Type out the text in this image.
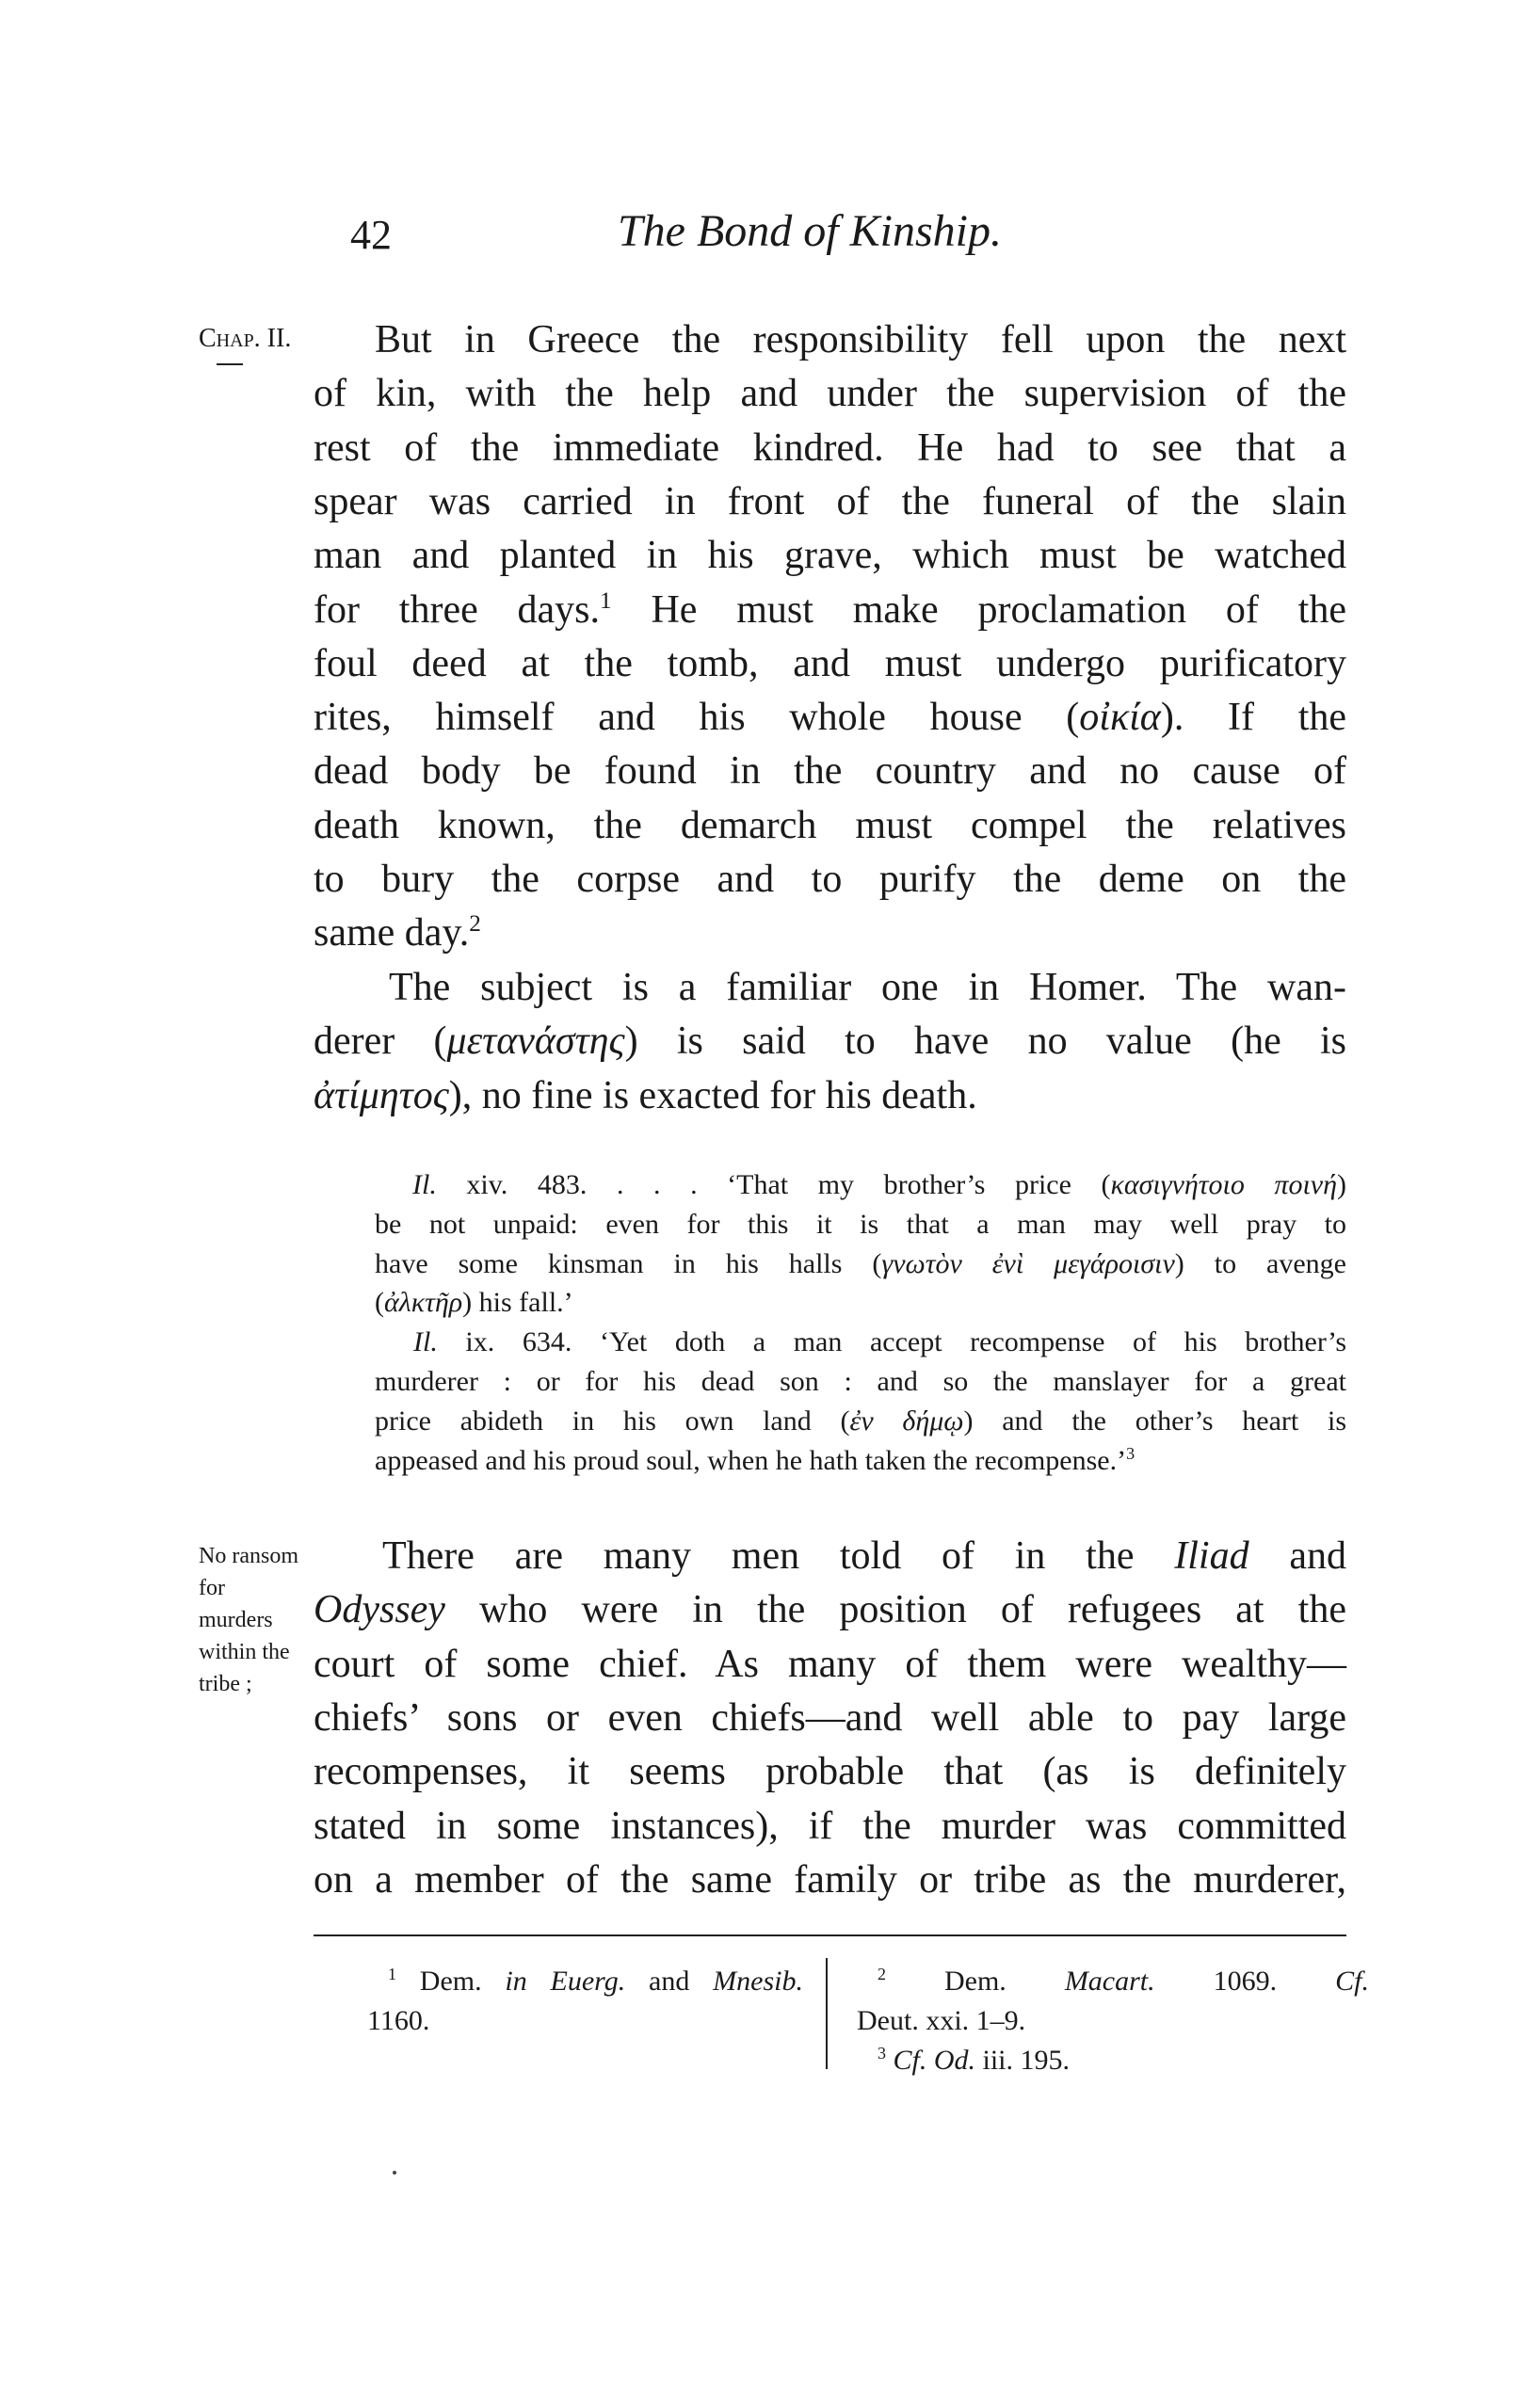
42	The Bond of Kinship.
Chap. II.
No ransom
for
murders
within the
tribe ;
But in Greece the responsibility fell upon the next
of kin, with the help and under the supervision of the
rest of the immediate kindred. He had to see that a
spear was carried in front of the funeral of the slain
man and planted in his grave, which must be watched
for three days.$^1$ He must make proclamation of the
foul deed at the tomb, and must undergo purificatory
rites, himself and his whole house (οἰκία). If the
dead body be found in the country and no cause of
death known, the demarch must compel the relatives
to bury the corpse and to purify the deme on the
same day.$^2$
The subject is a familiar one in Homer. The wan-
derer (μετανάστης) is said to have no value (he is
ἀτίμητος), no fine is exacted for his death.
Il. xiv. 483. . . . ‘That my brother’s price (κασιγνήτοιο ποινή)
be not unpaid: even for this it is that a man may well pray to
have some kinsman in his halls (γνωτὸν ἐνὶ μεγάροισιν) to avenge
(ἀλκτῆρ) his fall.’
Il. ix. 634. ‘Yet doth a man accept recompense of his brother’s
murderer : or for his dead son : and so the manslayer for a great
price abideth in his own land (ἐν δήμῳ) and the other’s heart is
appeased and his proud soul, when he hath taken the recompense.’$^3$
There are many men told of in the Iliad and
Odyssey who were in the position of refugees at the
court of some chief. As many of them were wealthy—
chiefs’ sons or even chiefs—and well able to pay large
recompenses, it seems probable that (as is definitely
stated in some instances), if the murder was committed
on a member of the same family or tribe as the murderer,
$^1$ Dem. in Euerg. and Mnesib.
1160.
$^2$ Dem. Macart. 1069. Cf.
Deut. xxi. 1–9.
$^3$ Cf. Od. iii. 195.
